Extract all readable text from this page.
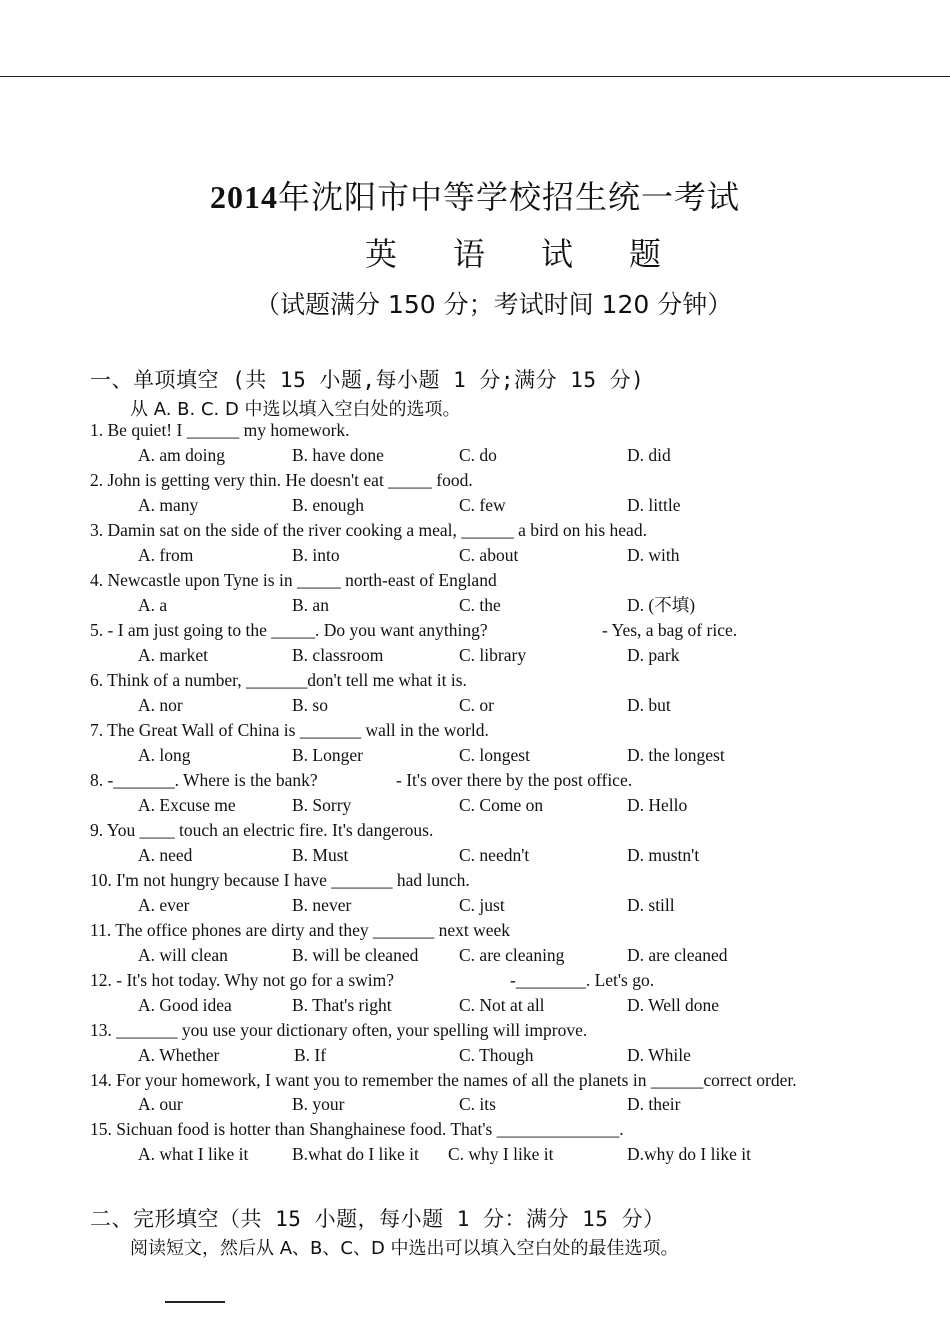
2014年沈阳市中等学校招生统一考试
英 语 试 题
（试题满分 150 分；考试时间 120 分钟）
一、单项填空 (共 15 小题,每小题 1 分;满分 15 分)
从 A. B. C. D 中选以填入空白处的选项。
1. Be quiet! I ______ my homework.
A. am doing	B. have done	C. do	D. did
2. John is getting very thin. He doesn't eat _____ food.
A. many	B. enough	C. few	D. little
3. Damin sat on the side of the river cooking a meal, ______ a bird on his head.
A. from	B. into	C. about	D. with
4. Newcastle upon Tyne is in _____ north-east of England
A. a	B. an	C. the	D. (不填)
5. - I am just going to the _____. Do you want anything?	- Yes, a bag of rice.
A. market	B. classroom	C. library	D. park
6. Think of a number, _______don't tell me what it is.
A. nor	B. so	C. or	D. but
7. The Great Wall of China is _______ wall in the world.
A. long	B. Longer	C. longest	D. the longest
8. -_______. Where is the bank?	- It's over there by the post office.
A. Excuse me	B. Sorry	C. Come on	D. Hello
9. You ____ touch an electric fire. It's dangerous.
A. need	B. Must	C. needn't	D. mustn't
10. I'm not hungry because I have _______ had lunch.
A. ever	B. never	C. just	D. still
11. The office phones are dirty and they _______ next week
A. will clean	B. will be cleaned C. are cleaning	D. are cleaned
12. - It's hot today. Why not go for a swim?	-________. Let's go.
A. Good idea	B. That's right	C. Not at all	D. Well done
13. _______ you use your dictionary often, your spelling will improve.
A. Whether	B. If	C. Though	D. While
14. For your homework, I want you to remember the names of all the planets in ______correct order.
A. our	B. your	C. its	D. their
15. Sichuan food is hotter than Shanghainese food. That's ______________.
A. what I like it B.what do I like it C. why I like it	D.why do I like it
二、完形填空（共 15 小题，每小题 1 分：满分 15 分）
阅读短文，然后从 A、B、C、D 中选出可以填入空白处的最佳选项。
